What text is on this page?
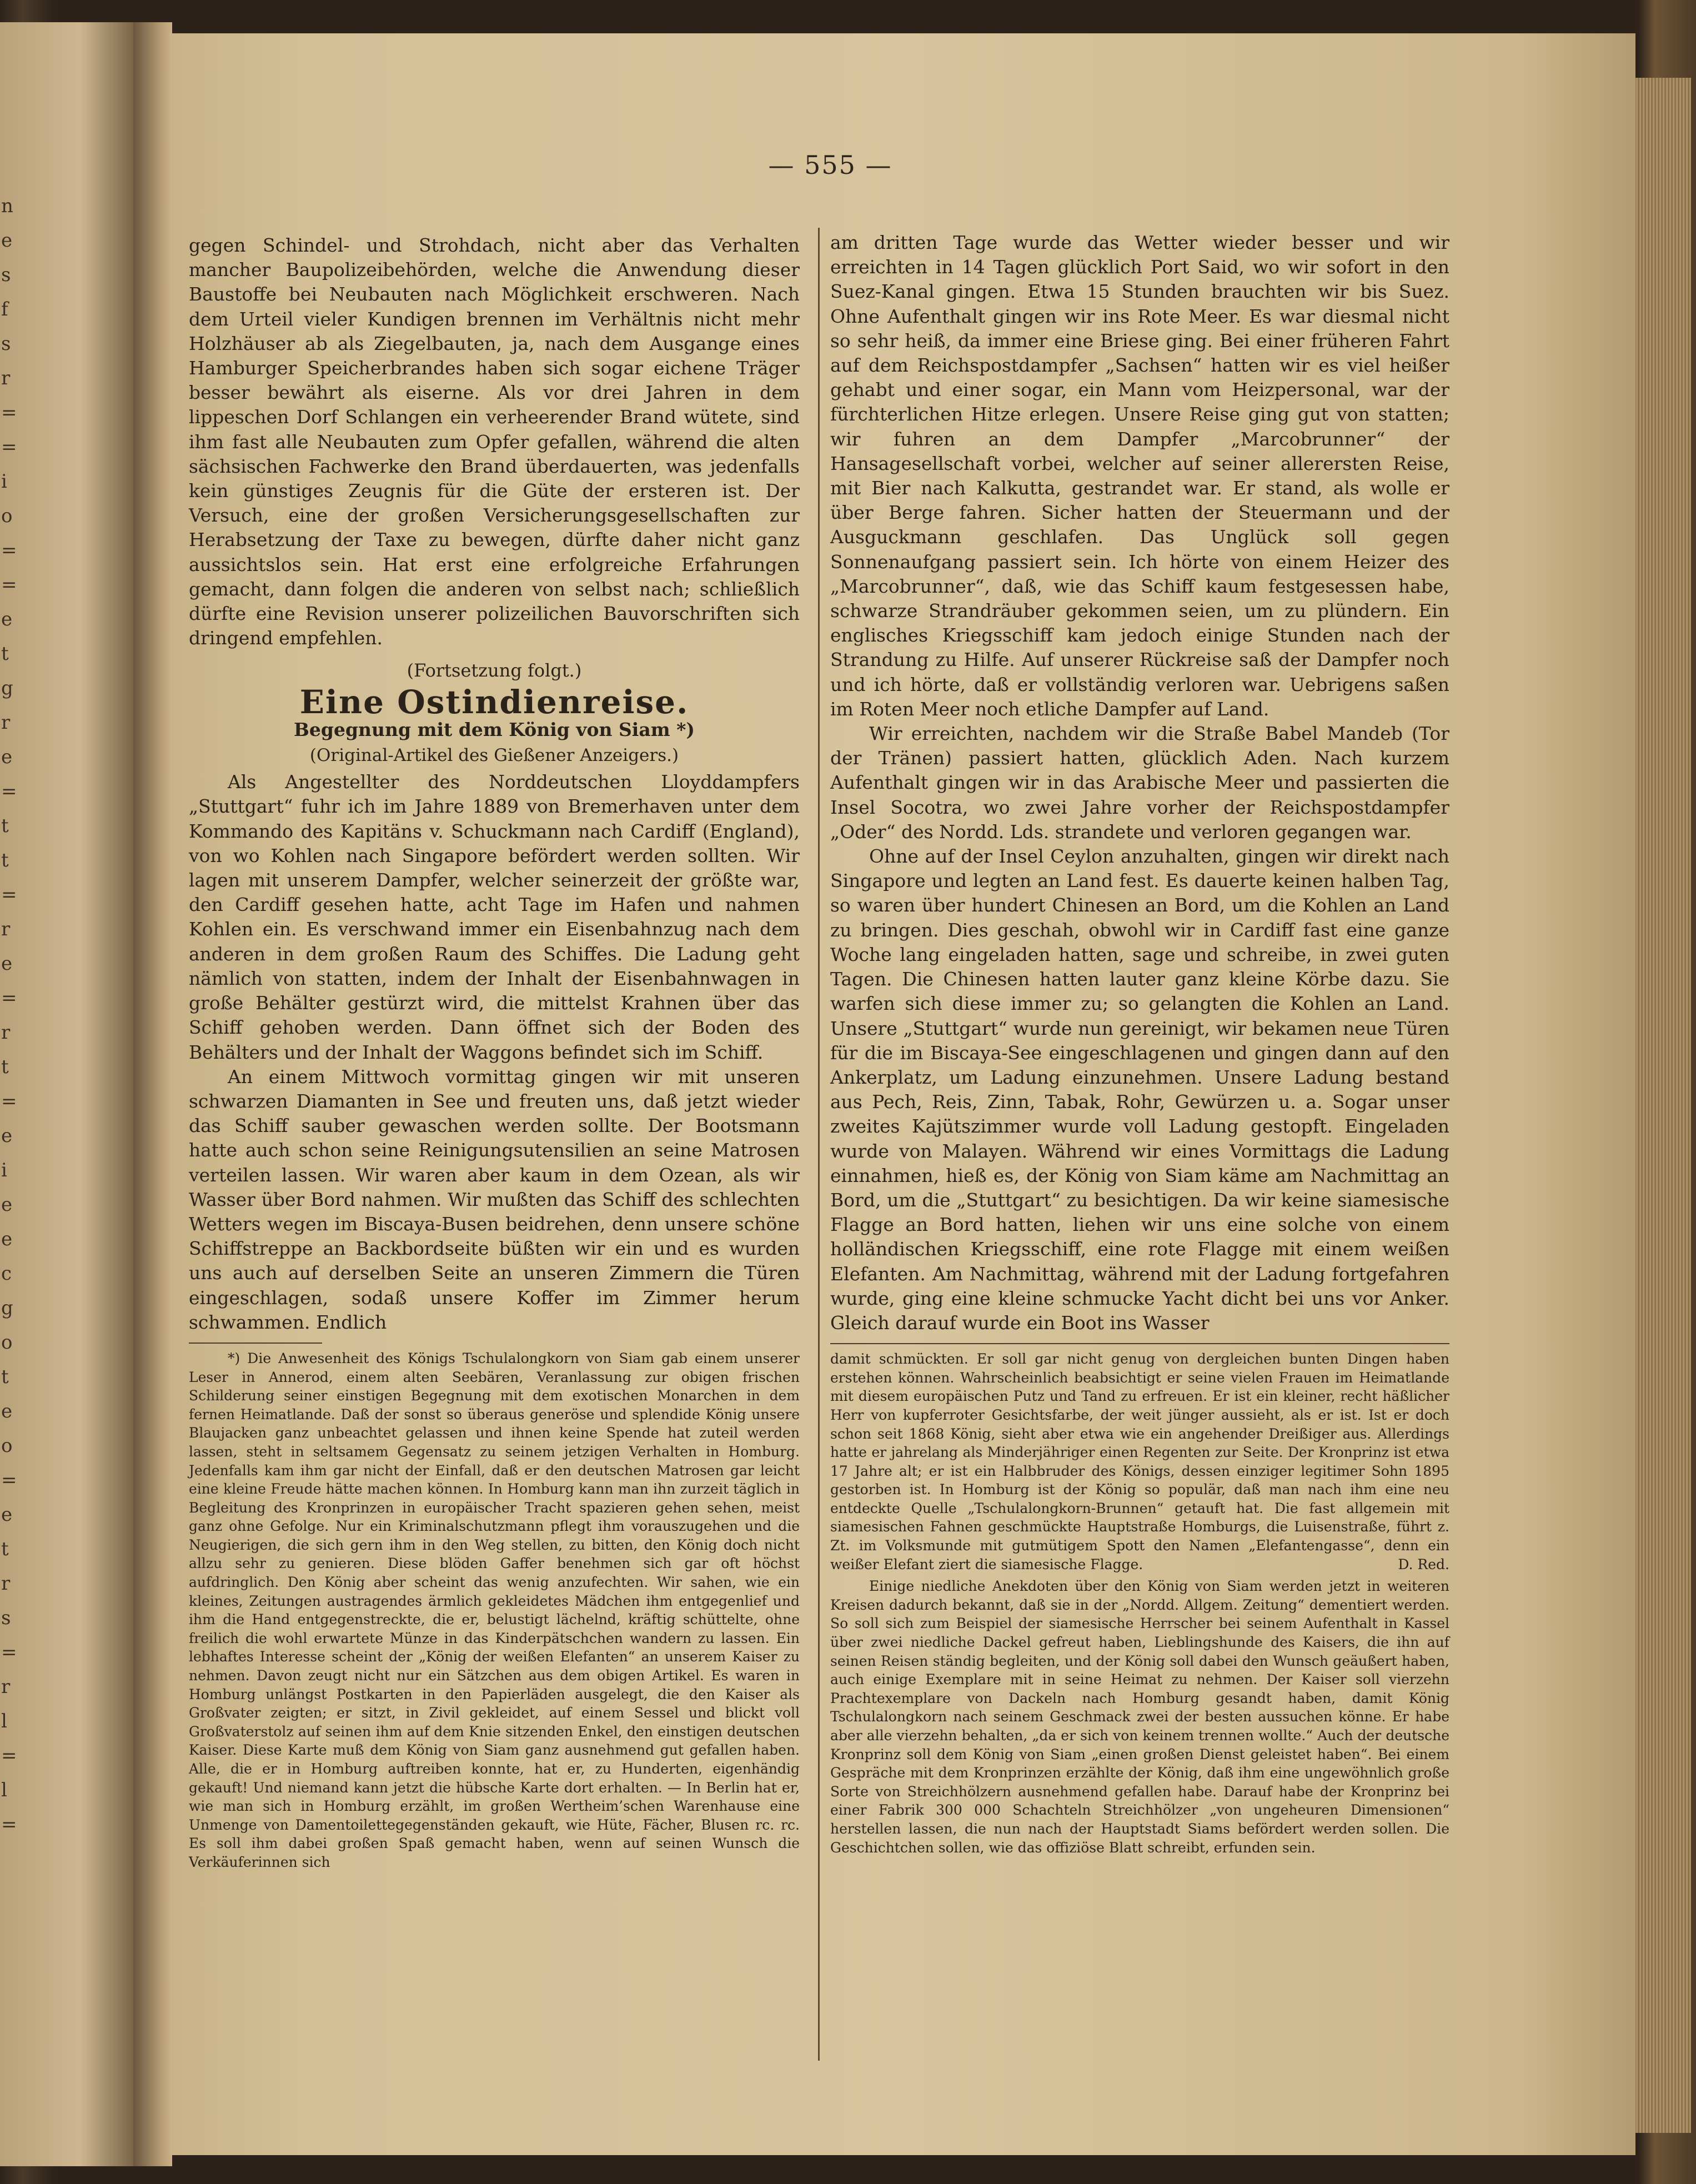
n
e
s
f
s
r
=
=
i
o
=
=
e
t
g
r
e
=
t
t
=
r
e
=
r
t
=
e
i
e
e
c
g
o
t
e
o
=
e
t
r
s
=
r
l
=
l
=
— 555 —

gegen Schindel- und Strohdach, nicht aber das Verhalten mancher Baupolizeibehörden, welche die Anwendung dieser Baustoffe bei Neubauten nach Möglichkeit erschweren. Nach dem Urteil vieler Kundigen brennen im Verhältnis nicht mehr Holzhäuser ab als Ziegelbauten, ja, nach dem Ausgange eines Hamburger Speicherbrandes haben sich sogar eichene Träger besser bewährt als eiserne. Als vor drei Jahren in dem lippeschen Dorf Schlangen ein verheerender Brand wütete, sind ihm fast alle Neubauten zum Opfer gefallen, während die alten sächsischen Fachwerke den Brand überdauerten, was jedenfalls kein günstiges Zeugnis für die Güte der ersteren ist. Der Versuch, eine der großen Versicherungsgesellschaften zur Herabsetzung der Taxe zu bewegen, dürfte daher nicht ganz aussichtslos sein. Hat erst eine erfolgreiche Erfahrungen gemacht, dann folgen die anderen von selbst nach; schließlich dürfte eine Revision unserer polizeilichen Bauvorschriften sich dringend empfehlen.

(Fortsetzung folgt.)
Eine Ostindienreise.
Begegnung mit dem König von Siam *)
(Original-Artikel des Gießener Anzeigers.)

Als Angestellter des Norddeutschen Lloyddampfers „Stuttgart“ fuhr ich im Jahre 1889 von Bremerhaven unter dem Kommando des Kapitäns v. Schuckmann nach Cardiff (England), von wo Kohlen nach Singapore befördert werden sollten. Wir lagen mit unserem Dampfer, welcher seinerzeit der größte war, den Cardiff gesehen hatte, acht Tage im Hafen und nahmen Kohlen ein. Es verschwand immer ein Eisenbahnzug nach dem anderen in dem großen Raum des Schiffes. Die Ladung geht nämlich von statten, indem der Inhalt der Eisenbahnwagen in große Behälter gestürzt wird, die mittelst Krahnen über das Schiff gehoben werden. Dann öffnet sich der Boden des Behälters und der Inhalt der Waggons befindet sich im Schiff.

An einem Mittwoch vormittag gingen wir mit unseren schwarzen Diamanten in See und freuten uns, daß jetzt wieder das Schiff sauber gewaschen werden sollte. Der Bootsmann hatte auch schon seine Reinigungsutensilien an seine Matrosen verteilen lassen. Wir waren aber kaum in dem Ozean, als wir Wasser über Bord nahmen. Wir mußten das Schiff des schlechten Wetters wegen im Biscaya-Busen beidrehen, denn unsere schöne Schiffstreppe an Backbordseite büßten wir ein und es wurden uns auch auf derselben Seite an unseren Zimmern die Türen eingeschlagen, sodaß unsere Koffer im Zimmer herum schwammen. Endlich

*) Die Anwesenheit des Königs Tschulalongkorn von Siam gab einem unserer Leser in Annerod, einem alten Seebären, Veranlassung zur obigen frischen Schilderung seiner einstigen Begegnung mit dem exotischen Monarchen in dem fernen Heimatlande. Daß der sonst so überaus generöse und splendide König unsere Blaujacken ganz unbeachtet gelassen und ihnen keine Spende hat zuteil werden lassen, steht in seltsamem Gegensatz zu seinem jetzigen Verhalten in Homburg. Jedenfalls kam ihm gar nicht der Einfall, daß er den deutschen Matrosen gar leicht eine kleine Freude hätte machen können. In Homburg kann man ihn zurzeit täglich in Begleitung des Kronprinzen in europäischer Tracht spazieren gehen sehen, meist ganz ohne Gefolge. Nur ein Kriminalschutzmann pflegt ihm vorauszugehen und die Neugierigen, die sich gern ihm in den Weg stellen, zu bitten, den König doch nicht allzu sehr zu genieren. Diese blöden Gaffer benehmen sich gar oft höchst aufdringlich. Den König aber scheint das wenig anzufechten. Wir sahen, wie ein kleines, Zeitungen austragendes ärmlich gekleidetes Mädchen ihm entgegenlief und ihm die Hand entgegenstreckte, die er, belustigt lächelnd, kräftig schüttelte, ohne freilich die wohl erwartete Münze in das Kinderpätschchen wandern zu lassen. Ein lebhaftes Interesse scheint der „König der weißen Elefanten“ an unserem Kaiser zu nehmen. Davon zeugt nicht nur ein Sätzchen aus dem obigen Artikel. Es waren in Homburg unlängst Postkarten in den Papierläden ausgelegt, die den Kaiser als Großvater zeigten; er sitzt, in Zivil gekleidet, auf einem Sessel und blickt voll Großvaterstolz auf seinen ihm auf dem Knie sitzenden Enkel, den einstigen deutschen Kaiser. Diese Karte muß dem König von Siam ganz ausnehmend gut gefallen haben. Alle, die er in Homburg auftreiben konnte, hat er, zu Hunderten, eigenhändig gekauft! Und niemand kann jetzt die hübsche Karte dort erhalten. — In Berlin hat er, wie man sich in Homburg erzählt, im großen Wertheim’schen Warenhause eine Unmenge von Damentoilettegegenständen gekauft, wie Hüte, Fächer, Blusen rc. rc. Es soll ihm dabei großen Spaß gemacht haben, wenn auf seinen Wunsch die Verkäuferinnen sich

am dritten Tage wurde das Wetter wieder besser und wir erreichten in 14 Tagen glücklich Port Said, wo wir sofort in den Suez-Kanal gingen. Etwa 15 Stunden brauchten wir bis Suez. Ohne Aufenthalt gingen wir ins Rote Meer. Es war diesmal nicht so sehr heiß, da immer eine Briese ging. Bei einer früheren Fahrt auf dem Reichspostdampfer „Sachsen“ hatten wir es viel heißer gehabt und einer sogar, ein Mann vom Heizpersonal, war der fürchterlichen Hitze erlegen. Unsere Reise ging gut von statten; wir fuhren an dem Dampfer „Marcobrunner“ der Hansagesellschaft vorbei, welcher auf seiner allerersten Reise, mit Bier nach Kalkutta, gestrandet war. Er stand, als wolle er über Berge fahren. Sicher hatten der Steuermann und der Ausguckmann geschlafen. Das Unglück soll gegen Sonnenaufgang passiert sein. Ich hörte von einem Heizer des „Marcobrunner“, daß, wie das Schiff kaum festgesessen habe, schwarze Strandräuber gekommen seien, um zu plündern. Ein englisches Kriegsschiff kam jedoch einige Stunden nach der Strandung zu Hilfe. Auf unserer Rückreise saß der Dampfer noch und ich hörte, daß er vollständig verloren war. Uebrigens saßen im Roten Meer noch etliche Dampfer auf Land.

Wir erreichten, nachdem wir die Straße Babel Mandeb (Tor der Tränen) passiert hatten, glücklich Aden. Nach kurzem Aufenthalt gingen wir in das Arabische Meer und passierten die Insel Socotra, wo zwei Jahre vorher der Reichspostdampfer „Oder“ des Nordd. Lds. strandete und verloren gegangen war.

Ohne auf der Insel Ceylon anzuhalten, gingen wir direkt nach Singapore und legten an Land fest. Es dauerte keinen halben Tag, so waren über hundert Chinesen an Bord, um die Kohlen an Land zu bringen. Dies geschah, obwohl wir in Cardiff fast eine ganze Woche lang eingeladen hatten, sage und schreibe, in zwei guten Tagen. Die Chinesen hatten lauter ganz kleine Körbe dazu. Sie warfen sich diese immer zu; so gelangten die Kohlen an Land. Unsere „Stuttgart“ wurde nun gereinigt, wir bekamen neue Türen für die im Biscaya-See eingeschlagenen und gingen dann auf den Ankerplatz, um Ladung einzunehmen. Unsere Ladung bestand aus Pech, Reis, Zinn, Tabak, Rohr, Gewürzen u. a. Sogar unser zweites Kajütszimmer wurde voll Ladung gestopft. Eingeladen wurde von Malayen. Während wir eines Vormittags die Ladung einnahmen, hieß es, der König von Siam käme am Nachmittag an Bord, um die „Stuttgart“ zu besichtigen. Da wir keine siamesische Flagge an Bord hatten, liehen wir uns eine solche von einem holländischen Kriegsschiff, eine rote Flagge mit einem weißen Elefanten. Am Nachmittag, während mit der Ladung fortgefahren wurde, ging eine kleine schmucke Yacht dicht bei uns vor Anker. Gleich darauf wurde ein Boot ins Wasser

damit schmückten. Er soll gar nicht genug von dergleichen bunten Dingen haben erstehen können. Wahrscheinlich beabsichtigt er seine vielen Frauen im Heimatlande mit diesem europäischen Putz und Tand zu erfreuen. Er ist ein kleiner, recht häßlicher Herr von kupferroter Gesichtsfarbe, der weit jünger aussieht, als er ist. Ist er doch schon seit 1868 König, sieht aber etwa wie ein angehender Dreißiger aus. Allerdings hatte er jahrelang als Minderjähriger einen Regenten zur Seite. Der Kronprinz ist etwa 17 Jahre alt; er ist ein Halbbruder des Königs, dessen einziger legitimer Sohn 1895 gestorben ist. In Homburg ist der König so populär, daß man nach ihm eine neu entdeckte Quelle „Tschulalongkorn-Brunnen“ getauft hat. Die fast allgemein mit siamesischen Fahnen geschmückte Hauptstraße Homburgs, die Luisenstraße, führt z. Zt. im Volksmunde mit gutmütigem Spott den Namen „Elefantengasse“, denn ein weißer Elefant ziert die siamesische Flagge.	D. Red.

Einige niedliche Anekdoten über den König von Siam werden jetzt in weiteren Kreisen dadurch bekannt, daß sie in der „Nordd. Allgem. Zeitung“ dementiert werden. So soll sich zum Beispiel der siamesische Herrscher bei seinem Aufenthalt in Kassel über zwei niedliche Dackel gefreut haben, Lieblingshunde des Kaisers, die ihn auf seinen Reisen ständig begleiten, und der König soll dabei den Wunsch geäußert haben, auch einige Exemplare mit in seine Heimat zu nehmen. Der Kaiser soll vierzehn Prachtexemplare von Dackeln nach Homburg gesandt haben, damit König Tschulalongkorn nach seinem Geschmack zwei der besten aussuchen könne. Er habe aber alle vierzehn behalten, „da er sich von keinem trennen wollte.“ Auch der deutsche Kronprinz soll dem König von Siam „einen großen Dienst geleistet haben“. Bei einem Gespräche mit dem Kronprinzen erzählte der König, daß ihm eine ungewöhnlich große Sorte von Streichhölzern ausnehmend gefallen habe. Darauf habe der Kronprinz bei einer Fabrik 300 000 Schachteln Streichhölzer „von ungeheuren Dimensionen“ herstellen lassen, die nun nach der Hauptstadt Siams befördert werden sollen. Die Geschichtchen sollen, wie das offiziöse Blatt schreibt, erfunden sein.
